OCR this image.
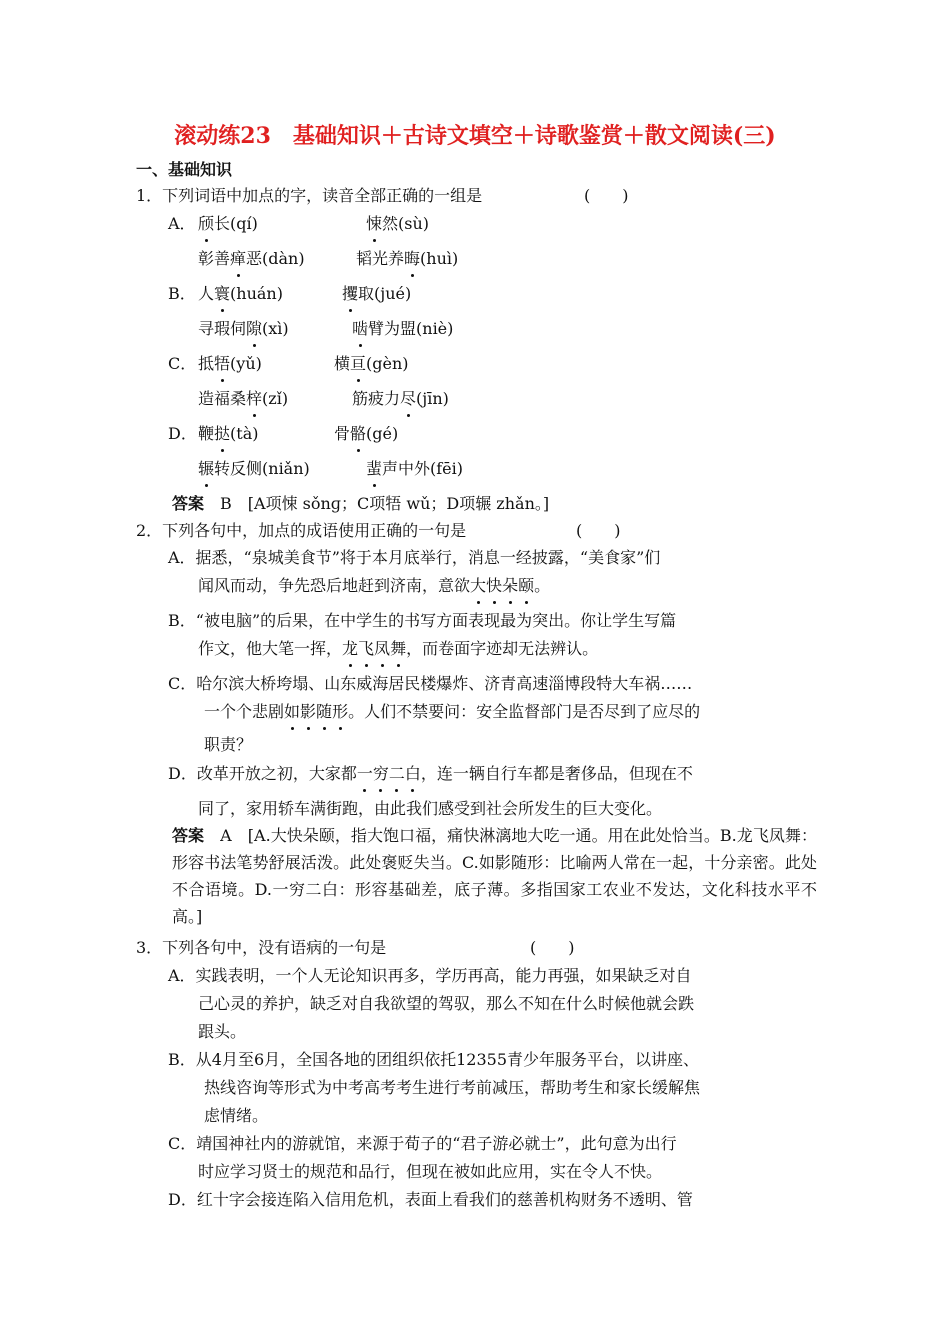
滚动练23　基础知识＋古诗文填空＋诗歌鉴赏＋散文阅读(三)
一、基础知识
1．下列词语中加点的字，读音全部正确的一组是	(　　)
A． 颀长(qí)	悚然(sù)
彰善瘅恶(dàn)	韬光养晦(huì)
B． 人寰(huán)	攫取(jué)
寻瑕伺隙(xì)	啮臂为盟(niè)
C． 抵牾(yǔ)	横亘(gèn)
造福桑梓(zǐ)	筋疲力尽(jīn)
D． 鞭挞(tà)	骨骼(gé)
辗转反侧(niǎn)	蜚声中外(fēi)
答案　B　[A项悚 sǒnɡ；C项牾 wǔ；D项辗 zhǎn。]
2．下列各句中，加点的成语使用正确的一句是	(　　)
A．据悉，“泉城美食节”将于本月底举行，消息一经披露，“美食家”们
闻风而动，争先恐后地赶到济南，意欲大快朵颐。
B．“被电脑”的后果，在中学生的书写方面表现最为突出。你让学生写篇
作文，他大笔一挥，龙飞凤舞，而卷面字迹却无法辨认。
C．哈尔滨大桥垮塌、山东威海居民楼爆炸、济青高速淄博段特大车祸……
一个个悲剧如影随形。人们不禁要问：安全监督部门是否尽到了应尽的
职责？
D．改革开放之初，大家都一穷二白，连一辆自行车都是奢侈品，但现在不
同了，家用轿车满街跑，由此我们感受到社会所发生的巨大变化。
答案　A　[A.大快朵颐，指大饱口福，痛快淋漓地大吃一通。用在此处恰当。B.龙飞凤舞：形容书法笔势舒展活泼。此处褒贬失当。C.如影随形：比喻两人常在一起，十分亲密。此处不合语境。D.一穷二白：形容基础差，底子薄。多指国家工农业不发达，文化科技水平不高。]
3．下列各句中，没有语病的一句是	(　　)
A．实践表明，一个人无论知识再多，学历再高，能力再强，如果缺乏对自
己心灵的养护，缺乏对自我欲望的驾驭，那么不知在什么时候他就会跌
跟头。
B．从4月至6月，全国各地的团组织依托12355青少年服务平台，以讲座、
热线咨询等形式为中考高考考生进行考前减压，帮助考生和家长缓解焦
虑情绪。
C．靖国神社内的游就馆，来源于荀子的“君子游必就士”，此句意为出行
时应学习贤士的规范和品行，但现在被如此应用，实在令人不快。
D．红十字会接连陷入信用危机，表面上看我们的慈善机构财务不透明、管
